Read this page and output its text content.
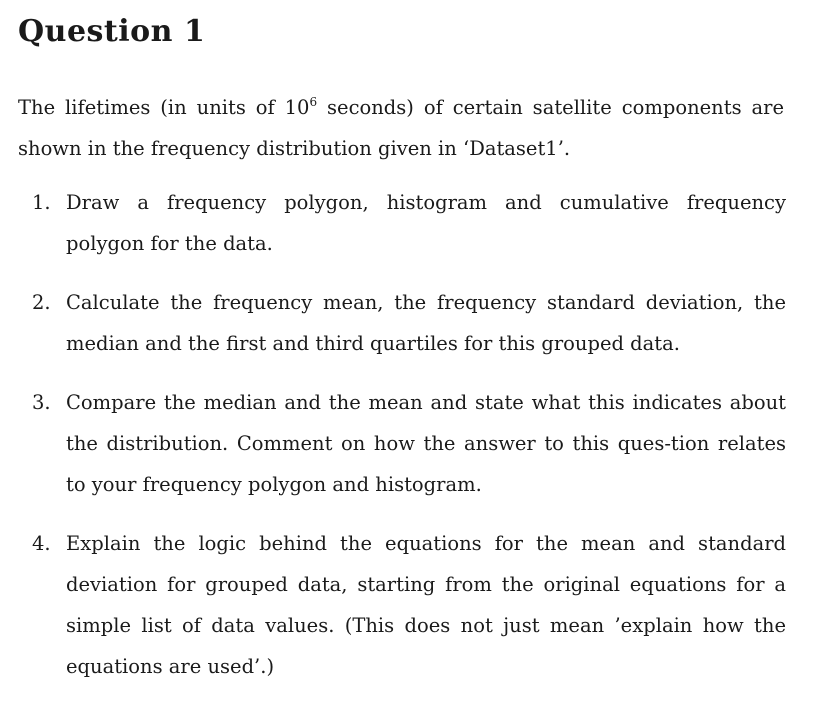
Question 1

The lifetimes (in units of $10^6$ seconds) of certain satellite components are shown in the frequency distribution given in ‘Dataset1’.

1. Draw a frequency polygon, histogram and cumulative frequency polygon for the data.
2. Calculate the frequency mean, the frequency standard deviation, the median and the first and third quartiles for this grouped data.
3. Compare the median and the mean and state what this indicates about the distribution. Comment on how the answer to this ques-tion relates to your frequency polygon and histogram.
4. Explain the logic behind the equations for the mean and standard deviation for grouped data, starting from the original equations for a simple list of data values. (This does not just mean ’explain how the equations are used’.)
